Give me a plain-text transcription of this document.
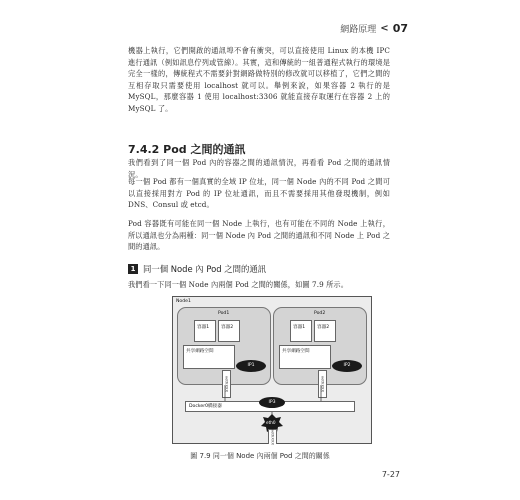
網路原理 < 07

機器上執行，它們開啟的通訊埠不會有衝突，可以直接使用 Linux 的本機 IPC 進行通訊（例如訊息佇列或管線）。其實，這和傳統的一組普通程式執行的環境是完全一樣的，傳統程式不需要針對網路做特別的修改就可以移植了，它們之間的互相存取只需要使用 localhost 就可以。舉例來說，如果容器 2 執行的是 MySQL，那麼容器 1 使用 localhost:3306 就能直接存取運行在容器 2 上的 MySQL 了。

7.4.2 Pod 之間的通訊

我們看到了同一個 Pod 內的容器之間的通訊情況，再看看 Pod 之間的通訊情況。

每一個 Pod 都有一個真實的全域 IP 位址，同一個 Node 內的不同 Pod 之間可以直接採用對方 Pod 的 IP 位址通訊，而且不需要採用其他發現機制，例如 DNS、Consul 或 etcd。

Pod 容器既有可能在同一個 Node 上執行，也有可能在不同的 Node 上執行，所以通訊也分為兩種：同一個 Node 內 Pod 之間的通訊和不同 Node 上 Pod 之間的通訊。

1 同一個 Node 內 Pod 之間的通訊

我們看一下同一個 Node 內兩個 Pod 之間的關係，如圖 7.9 所示。

Node1
Pod1
容器1	容器2
共享網路空間
IP1
vethXXX
Pod2
容器1	容器2
共享網路空間
IP2
vethXXX
Docker0橋接器
IP3
eth0
vethXXX
圖 7.9 同一個 Node 內兩個 Pod 之間的關係
7-27
